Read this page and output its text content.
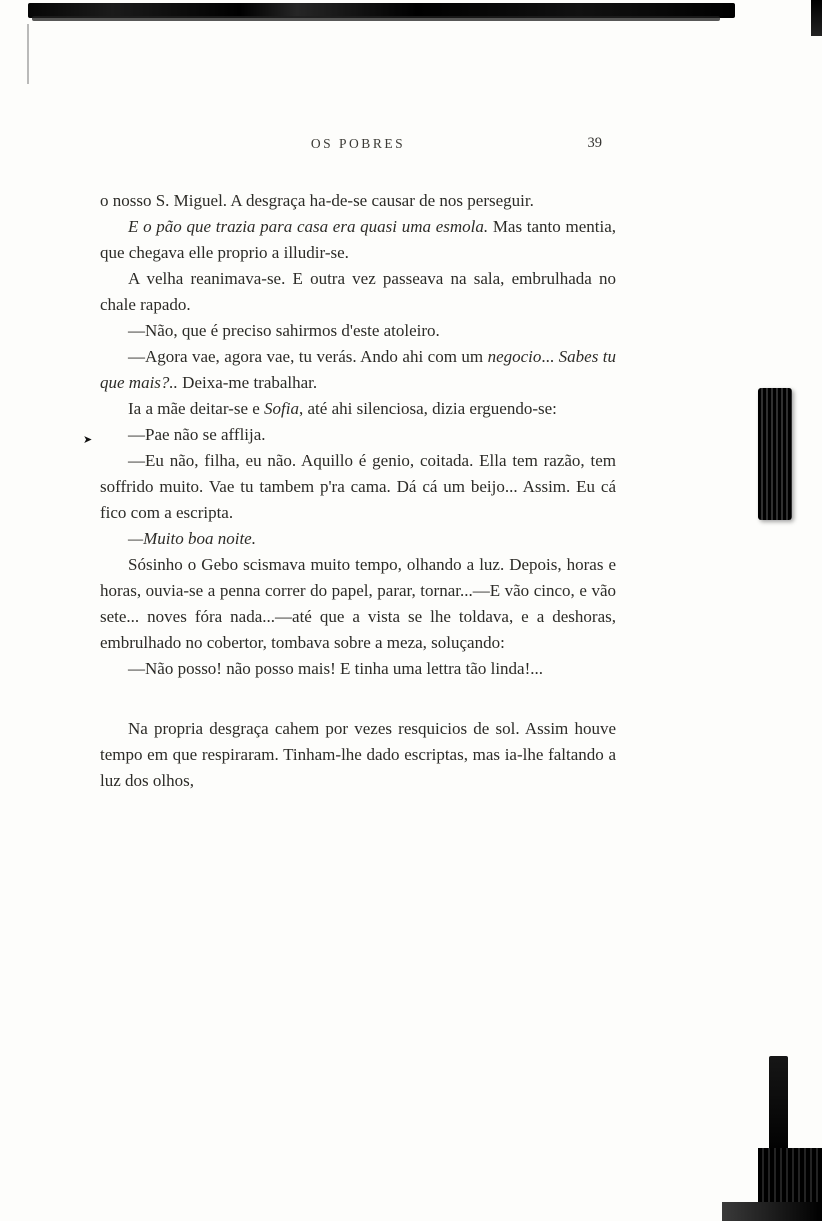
OS POBRES	39

o nosso S. Miguel. A desgraça ha-de-se causar de nos perseguir.

E o pão que trazia para casa era quasi uma esmola. Mas tanto mentia, que chegava elle proprio a illudir-se.

A velha reanimava-se. E outra vez passeava na sala, embrulhada no chale rapado.

—Não, que é preciso sahirmos d'este atoleiro.

—Agora vae, agora vae, tu verás. Ando ahi com um negocio... Sabes tu que mais?.. Deixa-me trabalhar.

Ia a mãe deitar-se e Sofia, até ahi silenciosa, dizia erguendo-se:

➤ —Pae não se afflija.

—Eu não, filha, eu não. Aquillo é genio, coitada. Ella tem razão, tem soffrido muito. Vae tu tambem p'ra cama. Dá cá um beijo... Assim. Eu cá fico com a escripta.

—Muito boa noite.

Sósinho o Gebo scismava muito tempo, olhando a luz. Depois, horas e horas, ouvia-se a penna correr do papel, parar, tornar...—E vão cinco, e vão sete... noves fóra nada...—até que a vista se lhe toldava, e a deshoras, embrulhado no cobertor, tombava sobre a meza, soluçando:

—Não posso! não posso mais! E tinha uma lettra tão linda!...

Na propria desgraça cahem por vezes resquicios de sol. Assim houve tempo em que respiraram. Tinham-lhe dado escriptas, mas ia-lhe faltando a luz dos olhos,
